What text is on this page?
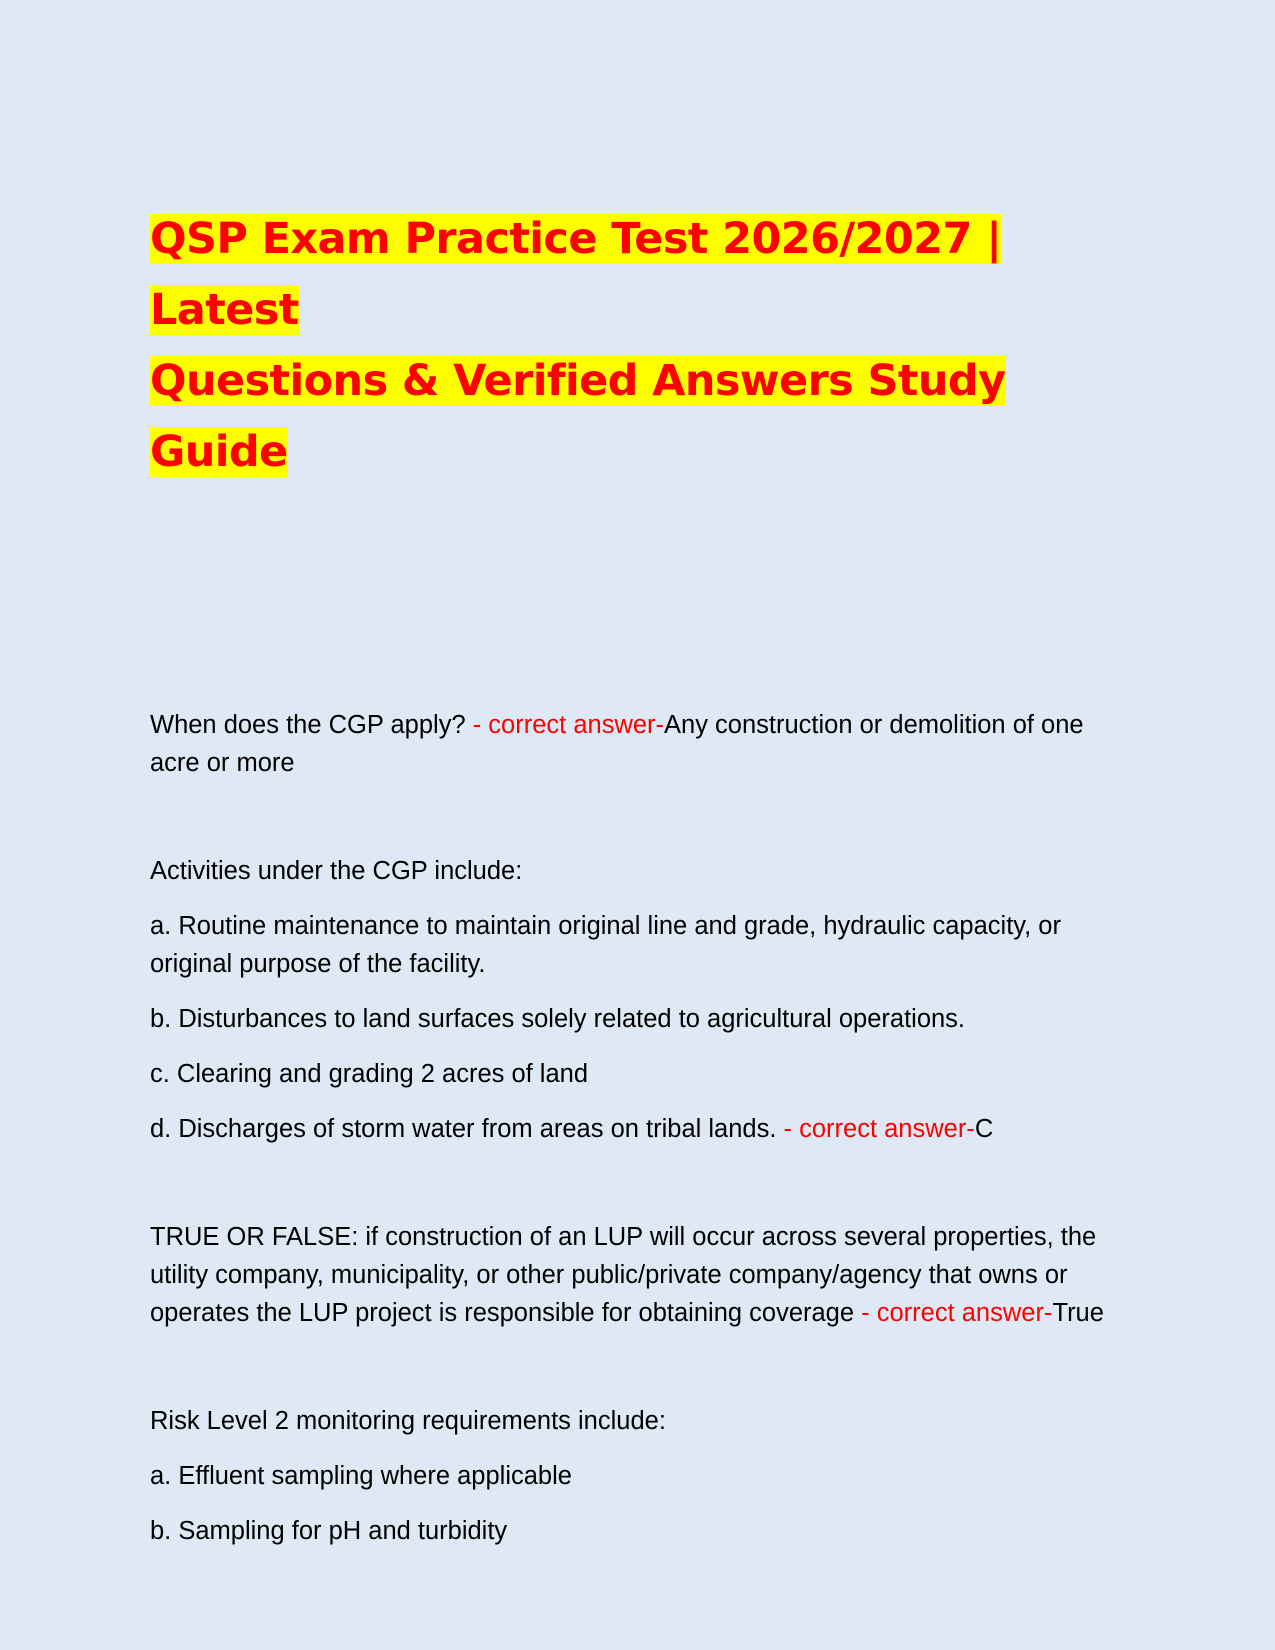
QSP Exam Practice Test 2026/2027 | Latest
Questions & Verified Answers Study Guide

When does the CGP apply? - correct answer-Any construction or demolition of one acre or more

Activities under the CGP include:

a. Routine maintenance to maintain original line and grade, hydraulic capacity, or original purpose of the facility.

b. Disturbances to land surfaces solely related to agricultural operations.

c. Clearing and grading 2 acres of land

d. Discharges of storm water from areas on tribal lands. - correct answer-C

TRUE OR FALSE: if construction of an LUP will occur across several properties, the utility company, municipality, or other public/private company/agency that owns or operates the LUP project is responsible for obtaining coverage - correct answer-True

Risk Level 2 monitoring requirements include:

a. Effluent sampling where applicable

b. Sampling for pH and turbidity
